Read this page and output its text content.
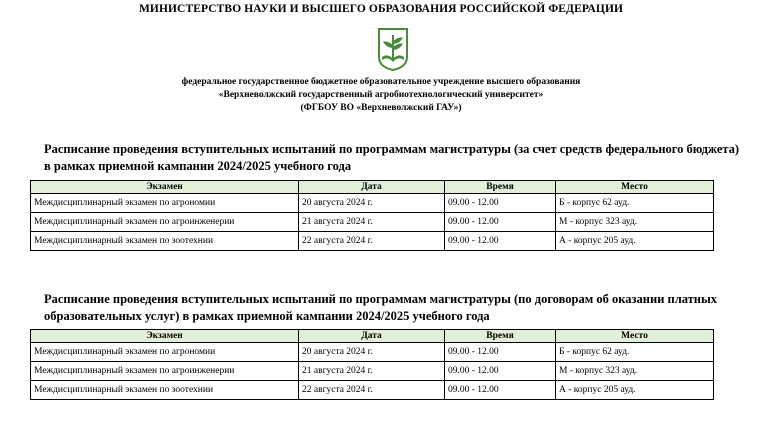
МИНИСТЕРСТВО НАУКИ И ВЫСШЕГО ОБРАЗОВАНИЯ РОССИЙСКОЙ ФЕДЕРАЦИИ
федеральное государственное бюджетное образовательное учреждение высшего образования
«Верхневолжский государственный агробиотехнологический университет»
(ФГБОУ ВО «Верхневолжский ГАУ»)
Расписание проведения вступительных испытаний по программам магистратуры (за счет средств федерального бюджета) в рамках приемной кампании 2024/2025 учебного года
Экзамен	Дата	Время	Место
Междисциплинарный экзамен по агрономии	20 августа 2024 г.	09.00 - 12.00	Б - корпус 62 ауд.
Междисциплинарный экзамен по агроинженерии	21 августа 2024 г.	09.00 - 12.00	М - корпус 323 ауд.
Междисциплинарный экзамен по зоотехнии	22 августа 2024 г.	09.00 - 12.00	А - корпус 205 ауд.
Расписание проведения вступительных испытаний по программам магистратуры (по договорам об оказании платных образовательных услуг) в рамках приемной кампании 2024/2025 учебного года
Экзамен	Дата	Время	Место
Междисциплинарный экзамен по агрономии	20 августа 2024 г.	09.00 - 12.00	Б - корпус 62 ауд.
Междисциплинарный экзамен по агроинженерии	21 августа 2024 г.	09.00 - 12.00	М - корпус 323 ауд.
Междисциплинарный экзамен по зоотехнии	22 августа 2024 г.	09.00 - 12.00	А - корпус 205 ауд.
